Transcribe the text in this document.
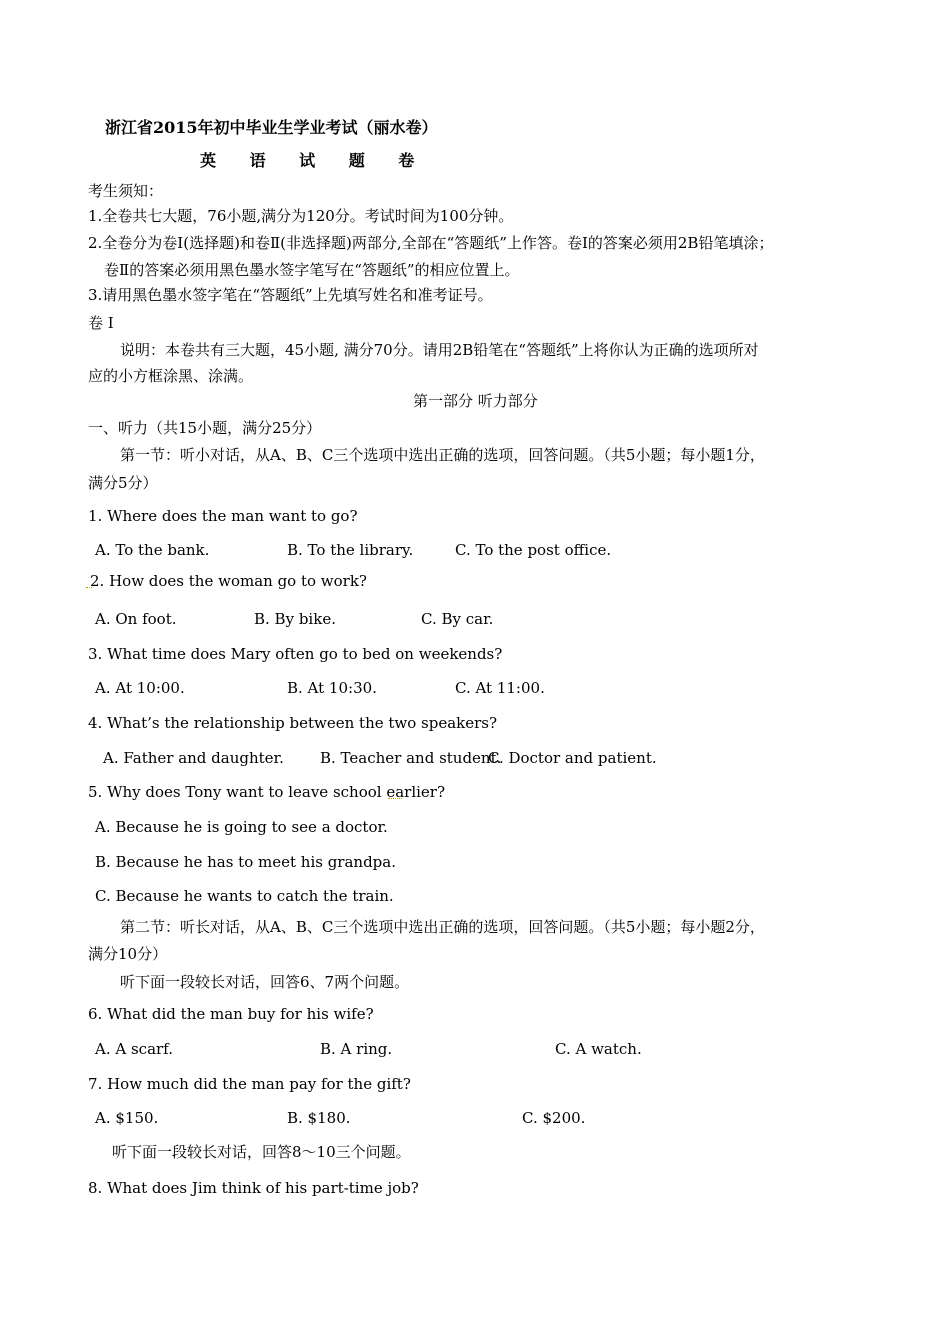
浙江省2015年初中毕业生学业考试（丽水卷）
英 语 试 题 卷
考生须知：
1.全卷共七大题，76小题,满分为120分。考试时间为100分钟。
2.全卷分为卷I(选择题)和卷Ⅱ(非选择题)两部分,全部在“答题纸”上作答。卷I的答案必须用2B铅笔填涂；
卷Ⅱ的答案必须用黑色墨水签字笔写在“答题纸”的相应位置上。
3.请用黑色墨水签字笔在“答题纸”上先填写姓名和准考证号。
卷 Ⅰ
说明：本卷共有三大题，45小题, 满分70分。请用2B铅笔在“答题纸”上将你认为正确的选项所对
应的小方框涂黑、涂满。
第一部分 听力部分
一、听力（共15小题，满分25分）
第一节：听小对话，从A、B、C三个选项中选出正确的选项，回答问题。（共5小题；每小题1分，
满分5分）
1. Where does the man want to go?
A. To the bank.	B. To the library.	C. To the post office.
2. How does the woman go to work?
A. On foot.	B. By bike.	C. By car.
3. What time does Mary often go to bed on weekends?
A. At 10:00.	B. At 10:30.	C. At 11:00.
4. What’s the relationship between the two speakers?
A. Father and daughter. B. Teacher and student.
C. Doctor and patient.
5. Why does Tony want to leave school earlier?
A. Because he is going to see a doctor.
B. Because he has to meet his grandpa.
C. Because he wants to catch the train.
第二节：听长对话，从A、B、C三个选项中选出正确的选项，回答问题。（共5小题；每小题2分，
满分10分）
听下面一段较长对话，回答6、7两个问题。
6. What did the man buy for his wife?
A. A scarf.	B. A ring.	C. A watch.
7. How much did the man pay for the gift?
A. $150.	B. $180.	C. $200.
听下面一段较长对话，回答8～10三个问题。
8. What does Jim think of his part-time job?
